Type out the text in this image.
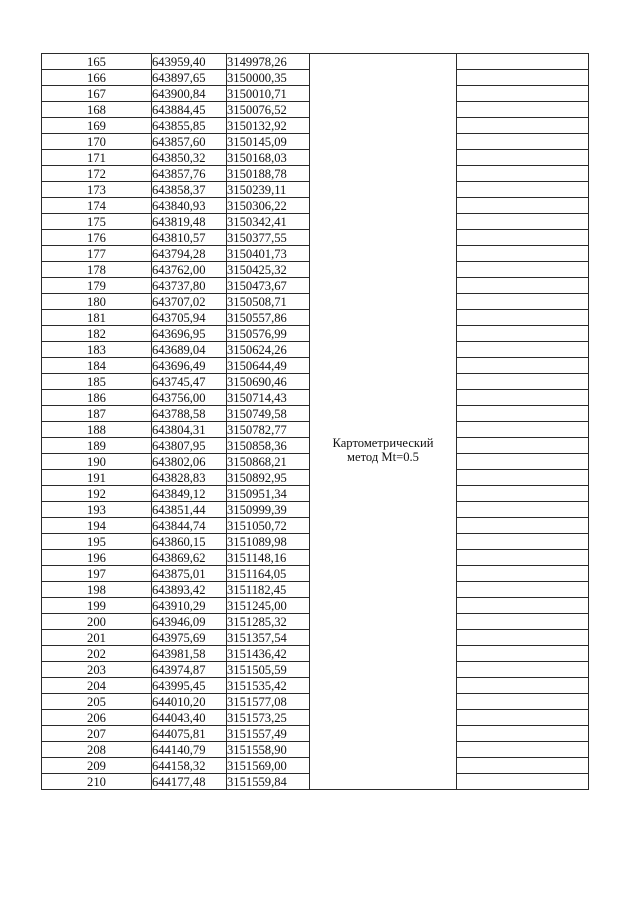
165	643959,40	3149978,26	Картометрический
метод Mt=0.5	

166	643897,65	3150000,35		
167	643900,84	3150010,71		
168	643884,45	3150076,52		
169	643855,85	3150132,92		
170	643857,60	3150145,09		
171	643850,32	3150168,03		
172	643857,76	3150188,78		
173	643858,37	3150239,11		
174	643840,93	3150306,22		
175	643819,48	3150342,41		
176	643810,57	3150377,55		
177	643794,28	3150401,73		
178	643762,00	3150425,32		
179	643737,80	3150473,67		
180	643707,02	3150508,71		
181	643705,94	3150557,86		
182	643696,95	3150576,99		
183	643689,04	3150624,26		
184	643696,49	3150644,49		
185	643745,47	3150690,46		
186	643756,00	3150714,43		
187	643788,58	3150749,58		
188	643804,31	3150782,77		
189	643807,95	3150858,36		
190	643802,06	3150868,21		
191	643828,83	3150892,95		
192	643849,12	3150951,34		
193	643851,44	3150999,39		
194	643844,74	3151050,72		
195	643860,15	3151089,98		
196	643869,62	3151148,16		
197	643875,01	3151164,05		
198	643893,42	3151182,45		
199	643910,29	3151245,00		
200	643946,09	3151285,32		
201	643975,69	3151357,54		
202	643981,58	3151436,42		
203	643974,87	3151505,59		
204	643995,45	3151535,42		
205	644010,20	3151577,08		
206	644043,40	3151573,25		
207	644075,81	3151557,49		
208	644140,79	3151558,90		
209	644158,32	3151569,00		
210	644177,48	3151559,84		
